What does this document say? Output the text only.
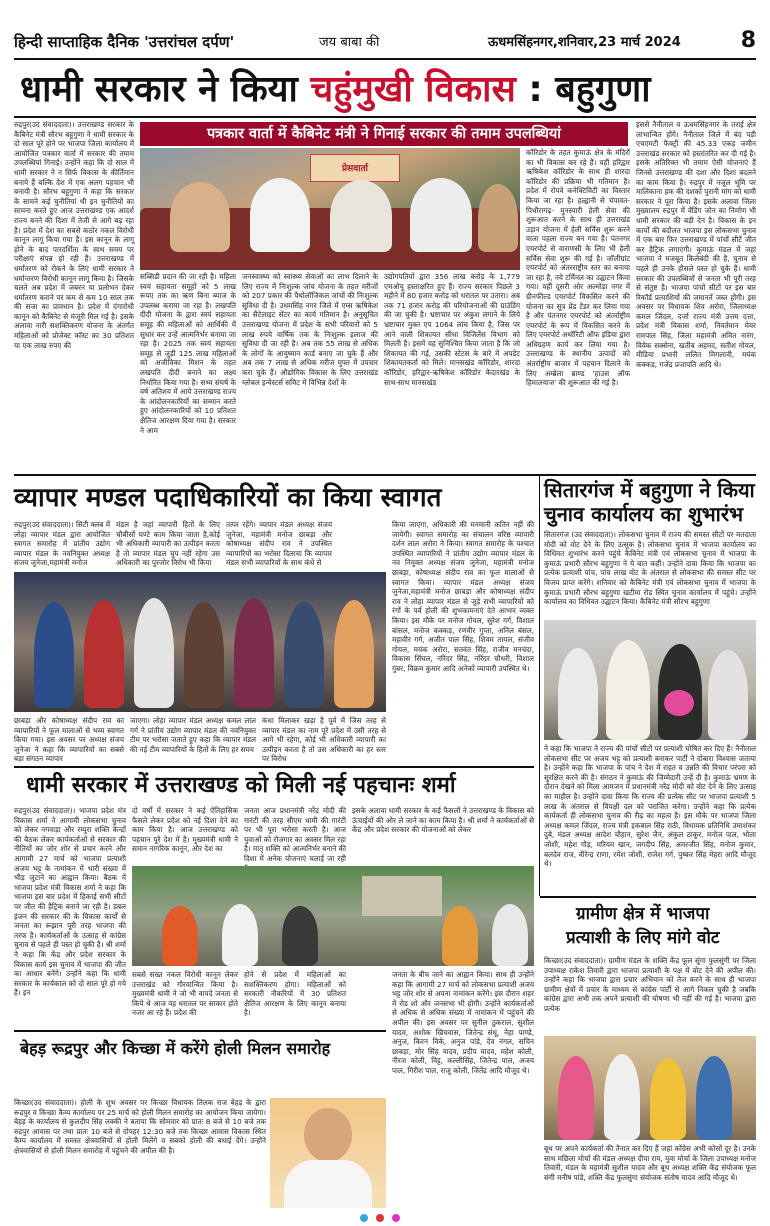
हिन्दी साप्ताहिक दैनिक 'उत्तरांचल दर्पण'	जय बाबा की	ऊधमसिंहनगर,शनिवार,23 मार्च 2024	8
धामी सरकार ने किया चहुंमुखी विकास : बहुगुणा
रुद्रपुर(उद संवाददाता)। उत्तराखण्ड सरकार के कैबिनेट मंत्री सौरभ बहुगुणा ने धामी सरकार के दो साल पूरे होने पर भाजपा जिला कार्यालय में आयोजित पत्रकार वार्ता में सरकार की तमाम उपलब्धियां गिनाई। उन्होंने कहा कि दो साल में धामी सरकार ने न सिर्फ विकास के कीर्तिमान बनाये हैं बल्कि देश में एक अलग पहचान भी बनायी है। सौरभ बहुगुणा ने कहा कि सरकार के सामने कई चुनौतियां थी इन चुनौतियों का सामना करते हुए आज उत्तराखण्ड एक आदर्श राज्य बनने की दिशा में तेजी से आगे बढ़ रहा है। प्रदेश में देश का सबसे कठोर नकल विरोधी कानून लागू किया गया है। इस कानून के लागू होने के बाद पारदर्शिता के साथ समय पर परीक्षाएं संपन्न हो रही हैं। उत्तराखण्ड में धर्मांतरण को रोकने के लिए धामी सरकार ने धर्मान्तरण विरोधी कानून लागू किया है। जिसके चलते अब प्रदेश में जबरन या प्रलोभन देकर धर्मांतरण कराने पर कम से कम 10 साल तक की सजा का प्रावधान है। प्रदेश में दंगारोधी कानून को कैबिनेट से मंजूरी मिल गई है। इसके अलावा नारी सशक्तिकरण योजना के अंतर्गत महिलाओं को प्रोजेक्ट कॉस्ट का 30 प्रतिशत या एक लाख रुपए की
पत्रकार वार्ता में कैबिनेट मंत्री ने गिनाई सरकार की तमाम उपलब्धियां
प्रेसवार्ता
कॉरिडोर के तहत कुमाऊं क्षेत्र के मंदिरों का भी विकास कर रहे हैं। वहीं हरिद्वार ऋषिकेश कॉरिडोर के साथ ही शारदा कॉरिडोर की प्रक्रिया भी गतिमान है। प्रदेश में रोपवे कनेक्टिविटी का विस्तार किया जा रहा है। हल्द्वानी से चंपावत-पिथौरागढ़- मुनस्यारी हेली सेवा की शुरूआत करने के साथ ही उत्तराखंड उड़ान योजना में हेली सर्विस शुरू करने वाला पहला राज्य बन गया है। पंतनगर एयरपोर्ट से वाराणसी के लिए भी हेली सर्विस सेवा शुरू की गई है। जॉलीग्रांट एयरपोर्ट को अंतरराष्ट्रीय स्तर का बनाया जा रहा है, नये टर्मिनल का उद्घाटन किया गया। वहीं दूसरी ओर अल्मोड़ा नगर में ग्रीनफील्ड एयरपोर्ट विकसित करने की योजना का सूत्र प्रेंड टेंडर कर लिया गया है और पंतनगर एयरपोर्ट को अंतर्राष्ट्रीय एयरपोर्ट के रूप में विकसित करने के लिए एयरपोर्ट अथॉरिटी ऑफ इंडिया द्वारा अधिग्रहण कार्य कर लिया गया है। उत्तराखण्ड के स्थानीय उत्पादों को अंतर्राष्ट्रीय बाजार में पहचान दिलाने के लिए अम्ब्रेला ब्राण्ड 'हाउस ऑफ हिमालयाज' की शुरूआत की गई है।
इससे नैनीताल व ऊधमसिंहनगर के तराई क्षेत्र लाभान्वित होंगे। नैनीताल जिले में बंद पड़ी एचएमटी फैक्ट्री की 45.33 एकड़ जमीन उत्तराखंड सरकार को हस्तांतरित कर दी गई है। इसके अतिरिक्त भी तमाम ऐसी योजनाएं हैं जिनसे उत्तराखण्ड की दशा और दिशा बदलने का काम किया है। रुद्रपुर में नजूल भूमि पर मालिकाना हक की दशकों पुरानी मांग को धामी सरकार ने पूरा किया है। इसके अलावा जिला मुख्यालय रुद्रपुर में वेंडिंग जोन का निर्माण भी धामी सरकार की बड़ी देन है। विकास के इन कार्यों की बदौलत भाजपा इस लोकसभा चुनाव में एक बार फिर उत्तराखण्ड में पांचों सीटें जीत कर हैट्रिक लगाएगी। कुमाऊं मंडल में जहां भाजपा ने मजबूत किलेबंदी की है, चुनाव से पहले ही उनके हौसले पस्त हो चुके हैं। धामी सरकार की उपलब्धियों से जनता भी पूरी तरह से संतुष्ट है। भाजपा पांचों सीटों पर इस बार रिकॉर्ड प्रत्याशियों की जमानतें जब्त होंगी। इस अवसर पर विधायक शिव अरोरा, जिलाध्यक्ष कमल जिंदल, दर्जा राज्य मंत्री उत्तम दत्ता, प्रदेश मंत्री विकास शर्मा, निवर्तमान मेयर रामपाल सिंह, जिला महामंत्री अमित नारंग, विवेक सक्सेना, खतीब अहमद, सतीश गोयल, मीडिया प्रभारी ललित मिगलानी, मयंक कक्कड़, गजेंद्र प्रजापति आदि थे।
सब्सिडी प्रदान की जा रही है। महिला स्वयं सहायता समूहों को 5 लाख रूपए तक का ऋण बिना ब्याज के उपलब्ध कराया जा रहा है। लखपति दीदी योजना के द्वारा स्वयं सहायता समूह की महिलाओं को आर्थिकी में सुधार कर उन्हें आत्मनिर्भर बनाया जा रहा है। 2025 तक स्वयं सहायता समूह से जुड़ी 125 लाख महिलाओं को अजीविका मिशन के तहत लखपति दीदी बनाने का लक्ष्य निर्धारित किया गया है। सभ्य संघर्ष के वर्ष अतिशय में आये उत्तराखण्ड राज्य के आंदोलनकारियों का सम्मान करते हुए आंदोलनकारियों को 10 प्रतिशत क्षैतिज आरक्षण दिया गया है। सरकार ने आम
जनस्वास्थ्य को स्वास्थ्य सेवाओं का लाभ दिलाने के लिए राज्य में निःशुल्क जांच योजना के तहत मरीजों को 207 प्रकार की पैथोलॉजिकल जांचों की निःशुल्क सुविधा दी है। उधमसिंह नगर जिले में एम्स ऋषिकेश का सैटेलाइट सेंटर का कार्य गतिमान है। अनुसूचित उत्तराखण्ड योजना में प्रदेश के सभी परिवारों को 5 लाख रुपये वार्षिक तक के निःशुल्क इलाज की सुविधा दी जा रही है। अब तक 55 लाख से अधिक के लोगों के आयुष्मान कार्ड बनाए जा चुके हैं और अब तक 7 लाख से अधिक मरीज मुफ्त में उपचार करा चुके हैं। औद्योगिक विकास के लिए उत्तराखंड ग्लोबल इन्वेस्टर्स समिट में विभिन्न देशों के
उद्योगपतियों द्वारा 356 लाख करोड़ के 1,779 एमओयू हस्ताक्षरित हुए हैं। राज्य सरकार पिछले 3 महीने में 80 हजार करोड़ को धरातल पर उतारा। अब तक 71 हजार करोड़ की परियोजनाओं की ग्राउंडिंग की जा चुकी है। भ्रष्टाचार पर अंकुश लगाने के लिये भ्रष्टाचार मुक्त एप 1064 लांच किया है, जिस पर आने वाली शिकायत सीधा विजिलेंस विभाग को मिलती है। इसमें यह सुनिश्चित किया जाता है कि जो शिकायत की गई, उसकी स्टेटस के बारे में अपडेट शिकायतकर्ता को मिले। मानसखंड कॉरिडोर, शारदा कॉरिडोर, हरिद्वार-ऋषिकेश कॉरिडोर केदारखंड के साथ-साथ मानसखंड
व्यापार मण्डल पदाधिकारियों का किया स्वागत
रुद्रपुर(उद संवाददाता)। सिटी क्लब में लोहा व्यापार मंडल द्वारा आयोजित स्वागत समारोह में प्रांतीय उद्योग व्यापार मंडल के नवनियुक्त अध्यक्ष संजय जुनेजा,महामंत्री मनोज
मंडल है जहां व्यापारी हितों के लिए चौबीसों घण्टे काम किया जाता है,कोई भी अधिकारी व्यापारी का उत्पीड़न करता है तो व्यापार मंडल चुप नहीं रहेगा उस अधिकारी का पुरजोर विरोध भी किया
तत्पर रहेंगे। व्यापार मंडल अध्यक्ष संजय जुनेजा, महामंत्री मनोज छाबड़ा और कोषाध्यक्ष संदीप राव ने उपस्थित व्यापारियों का भरोसा दिलाया कि व्यापार मंडल सभी व्यापारियों के साथ कंधे से
किया जाएगा, अधिकारी की मनमानी कतिन नहीं की जायेगी। स्वागत समारोह का संचालन वरिष्ठ व्यापारी दर्शन लाल अरोरा ने किया। स्वागत समारोह के पश्चात उपस्थित व्यापारियों ने प्रांतीय उद्योग व्यापार मंडल के नव नियुक्त अध्यक्ष संजय जुनेजा, महामंत्री मनोज छाबड़ा, कोषाध्यक्ष संदीप राव का फूल मालाओं से स्वागत किया। व्यापार मंडल अध्यक्ष संजय जुनेजा,महामंत्री मनोज छाबड़ा और कोषाध्यक्ष संदीप राव ने लोहा व्यापार मंडल से जुड़े सभी व्यापारियों को रंगों के पर्व होली की शुभकामनाएं देते आभार व्यक्त किया। इस मौके पर मनोज गोयल, सुरेश गर्ग, विशाल बांसल, मनोज कक्कड़, रणवीर गुप्ता, अनिल बंसल, महावीर गर्ग, अजीत पाल सिंह, शिवम तायल, संजीव गोयल, मयंक अरोरा, सतवंत सिंह, राजीव मनचंदा, विकास सिंघल, नरिंदर सिंह, नरिंदर चौधरी, विशाल गुंबर, विक्रम कुमार आदि अनेकों व्यापारी उपस्थित थे।
छाबड़ा और कोषाध्यक्ष संदीप राव का व्यापारियों ने फूल मालाओं से भव्य स्वागत किया गया। इस अवसर पर अध्यक्ष संजय जुनेजा ने कहा कि व्यापारियों का सबसे बड़ा संगठन व्यापार
जाएगा। लोहा व्यापार मंडल अध्यक्ष कमल लाल गर्ग ने प्रांतीय उद्योग व्यापार मंडल की नवनियुक्त टीम पर भरोसा जताते हुए कहा कि व्यापार मंडल की नई टीम व्यापारियों के हितों के लिए हर समय
कंधा मिलाकर खड़ा है पूर्व में जिस तरह से व्यापार मंडल का नाम पूरे प्रदेश में उसी तरह से आगे भी रहेगा, कोई भी अधिकारी व्यापारी का उत्पीड़न करता है तो उस अधिकारी का हर स्तर पर विरोध
सितारगंज में बहुगुणा ने किया
चुनाव कार्यालय का शुभारंभ
सितारगंज (उद संवाददाता)। लोकसभा चुनाव में राज्य की समस्त सीटों पर मतदाता मोदी को वोट देने के लिए उत्सुक है। लोकसभा चुनाव में भाजपा कार्यालय का विधिवत शुभारंभ करने पहुंचे कैबिनेट मंत्री एवं लोकसभा चुनाव में भाजपा के कुमाऊं प्रभारी सौरभ बहुगुणा ने ये बात कही। उन्होंने दावा किया कि भाजपा का प्रत्येक प्रत्याशी पांच, पांच लाख वोट के अंतराल से लोकसभा की समस्त सीट पर विजय प्राप्त करेंगे। शनिवार को कैबिनेट मंत्री एवं लोकसभा चुनाव में भाजपा के कुमाऊं प्रभारी सौरभ बहुगुणा खटीमा रोड स्थित चुनाव कार्यालय में पहुंचे। उन्होंने कार्यालय का विधिवत उद्घाटन किया। कैबिनेट मंत्री सौरभ बहुगुणा
ने कहा कि भाजपा ने राज्य की पांचों सीटों पर प्रत्याशी घोषित कर दिए हैं। नैनीताल लोकसभा सीट पर अजय भट्ट को प्रत्याशी बनाकर पार्टी ने दोबारा विश्वास जताया है। उन्होंने कहा कि भाजपा के पांच ने देश में राहत व उन्नति की विचार परंपरा को सुरक्षित करने की है। संगठन ने कुमाऊं की जिम्मेदारी उन्हें दी है। कुमाऊं भ्रमण के दौरान देखने को मिला आमजन में प्रधानमंत्री नरेंद्र मोदी को वोट देने के लिए उत्साह का माहौल है। उन्होंने दावा किया कि राज्य की प्रत्येक सीट पर भाजपा प्रत्याशी 5 लाख के अंतराल से विपक्षी दल को पराजित करेगा। उन्होंने कहा कि प्रत्येक कार्यकर्ता ही लोकसभा चुनाव की रीढ़ का महत्व है। इस मौके पर भाजपा जिला अध्यक्ष कमल जिंदल, राज्य मंत्री इकबाल सिंह राठी, विधायक प्रतिनिधि उमाशंकर दुबे, मंडल अध्यक्ष आदेश चौहान, सुरेश जैन, अंकुल ठाकुर, मनोज पाल, भोला जोशी, महेश गौड़, मरियम खान, जगदीप सिंह, अमरजीत सिंह, मनोज कुमार, बलदेव राज, वीरेन्द्र राणा, रमेश जोशी, राजेश गर्ग, पुष्कर सिंह मेहरा आदि मौजूद थे।
धामी सरकार में उत्तराखण्ड को मिली नई पहचानः शर्मा
रुद्रपुर(उद संवाददाता)। भाजपा प्रदेश मंत्र विकास शर्मा ने आगामी लोकसभा चुनाव को लेकर नगवाड़ा और रम्पुरा शक्ति केन्द्रों की बैठक लेकर कार्यकर्ताओं से सरकार की नीतियों का जोर शोर से प्रचार करने और आगामी 27 मार्च को भाजपा प्रत्याशी अजय भट्ट के नामांकन में भारी संख्या में भीड़ जुटाने का आह्वान किया। बैठक में भाजपा प्रदेश मंत्री विकास शर्मा ने कहा कि भाजपा इस बार प्रदेश में हिकाई सभी सीटों पर जीत की हैट्रिक बनाने जा रही है। डबल इंजन की सरकार की के विकास कार्यों से जनता का रूझान पूरी तरह भाजपा की तरफ है। कार्यकर्ताओं के उत्साह से कांग्रेस चुनाव से पहले ही पस्त हो चुकी है। श्री शर्मा ने कहा कि केंद्र और प्रदेश सरकार के विकास कार्य इस चुनाव में भाजपा की जीत का आधार बनेंगे। उन्होंने कहा कि धामी सरकार के कार्यकाल को दो साल पूरे हो गये हैं। इन
दो वर्षों में सरकार ने कई ऐतिहासिक फैसले लेकर प्रदेश को नई दिशा देने का काम किया है। आज उत्तराखण्ड को पहचान पूरे देश में है। मुख्यमंत्री धामी ने समान नागरिक कानून, और देश का
जनता आज प्रधानमंत्री नरेंद्र मोदी की गारंटी की तरह सीएम धामी की गारंटी पर भी पूरा भरोसा करती है। आज युवाओं को रोजगार का अवसर मिल रहा है। मातृ शक्ति को आत्मनिर्भर बनाने की दिशा में अनेक योजनाएं चलाई जा रही
इसके अलावा धामी सरकार के कई फैसलों ने उत्तराखण्ड के विकास को ऊंचाईयों की ओर ले जाने का काम किया है। श्री शर्मा ने कार्यकर्ताओं से केंद्र और प्रदेश सरकार की योजनाओं को लेकर
सबसे सख्त नकल विरोधी कानून लेकर उत्तराखंड को गौरवान्वित किया है। मुख्यमंत्री धामी ने जो भी वायदे जनता से किये थे आज वह धरातल पर साकार होते नजर आ रहे हैं। प्रदेश की
होने से प्रदेश में महिलाओं का सशक्तिकरण होगा। महिलाओं को सरकारी नौकरियों में 30 प्रतिशत क्षैतिज आरक्षण के लिए कानून बनाया है।
जनता के बीच जाने का आह्वान किया। साथ ही उन्होंने कहा कि आगामी 27 मार्च को लोकसभा प्रत्याशी अजय भट्ट जोर शोर से अपना नामांकन करेंगे। इस दौरान शहर में रोड शो और जनसभा भी होगी। उन्होंने कार्यकर्ताओं से अधिक से अधिक संख्या में नामांकन में पहुंचने की अपील की। इस अवसर पर सुनील ठुकराल, सुशील यादव, अशोक खिचवास, जितेन्द्र संधू, नेहा पाण्डे, अनुज, किरन विर्क, अनुज पांडे, देव नंगल, सचिन छाबड़ा, मोर सिंह यादव, प्रदीप यादव, महेश कोली, नीरज कोली, विट्ट, कल्लीसिंह, जितेन्द्र पाल, अजय पाल, गिरीश पाल, राजू कोली, जितेंद्र आदि मौजूद थे।
ग्रामीण क्षेत्र में भाजपा
प्रत्याशी के लिए मांगे वोट
किच्छा(उद संवाददाता)। ग्रामीण मंडल के शक्ति केंद्र फूल सुंगा फुलसुंगी पर जिला उपाध्यक्ष राकेश तिवारी द्वारा भाजपा प्रत्याशी के पक्ष में वोट देने की अपील की। उन्होंने कहा कि भाजपा द्वारा प्रचार अभियान को तेज करने के साथ ही भाजपा ग्रामीण क्षेत्रों में प्रचार के माध्यम से कांग्रेस पार्टी से आगे निकल चुकी है जबकि कांग्रेस द्वारा अभी तक अपने प्रत्याशी की घोषणा भी नहीं की गई है। भाजपा द्वारा प्रत्येक
बूथ पर अपने कार्यकर्ता की तैनात कर दिए हैं जहां कोंग्रेस अभी कोसों दूर है। उनके साथ मछिला मोर्चा की मंडल अध्यक्ष दीपा राय, युवा मोर्चा के जिला उपाध्यक्ष मनोज तिवारी, मंडल के महामंत्री सुशील यादव और बूथ अध्यक्ष शक्ति केंद्र संयोजक फूल संगी मनीष पांडे, शक्ति केंद्र फुलसुंगा संयोजक संतोष यादव आदि मौजूद थे।
बेहड़ रूद्रपुर और किच्छा में करेंगे होली मिलन समारोह
किच्छा(उद संवाददाता)। होली के शुभ अवसर पर किच्छा विधायक तिलक राज बेहड़ के द्वारा रूद्रपुर व किच्छा कैम्प कार्यालय पर 25 मार्च को होली मिलन समारोह का आयोजन किया जायेगा। बेहड़ के कार्यालय से कुलदीप सिंह लक्की ने बताया कि सोमवार को प्रातः 8 बजे से 10 बजे तक रुद्रपुर आवास पर तथा प्रातः 10 बजे से दोपहर 12:30 बजे तक किच्छा आवास विकास स्थित कैम्प कार्यालय में समस्त क्षेत्रवासियों से होली मिलेंगे व सबको होली की बधाई देंगे। उन्होंने क्षेत्रवासियों से होली मिलन समारोह में पहुंचने की अपील की है।
